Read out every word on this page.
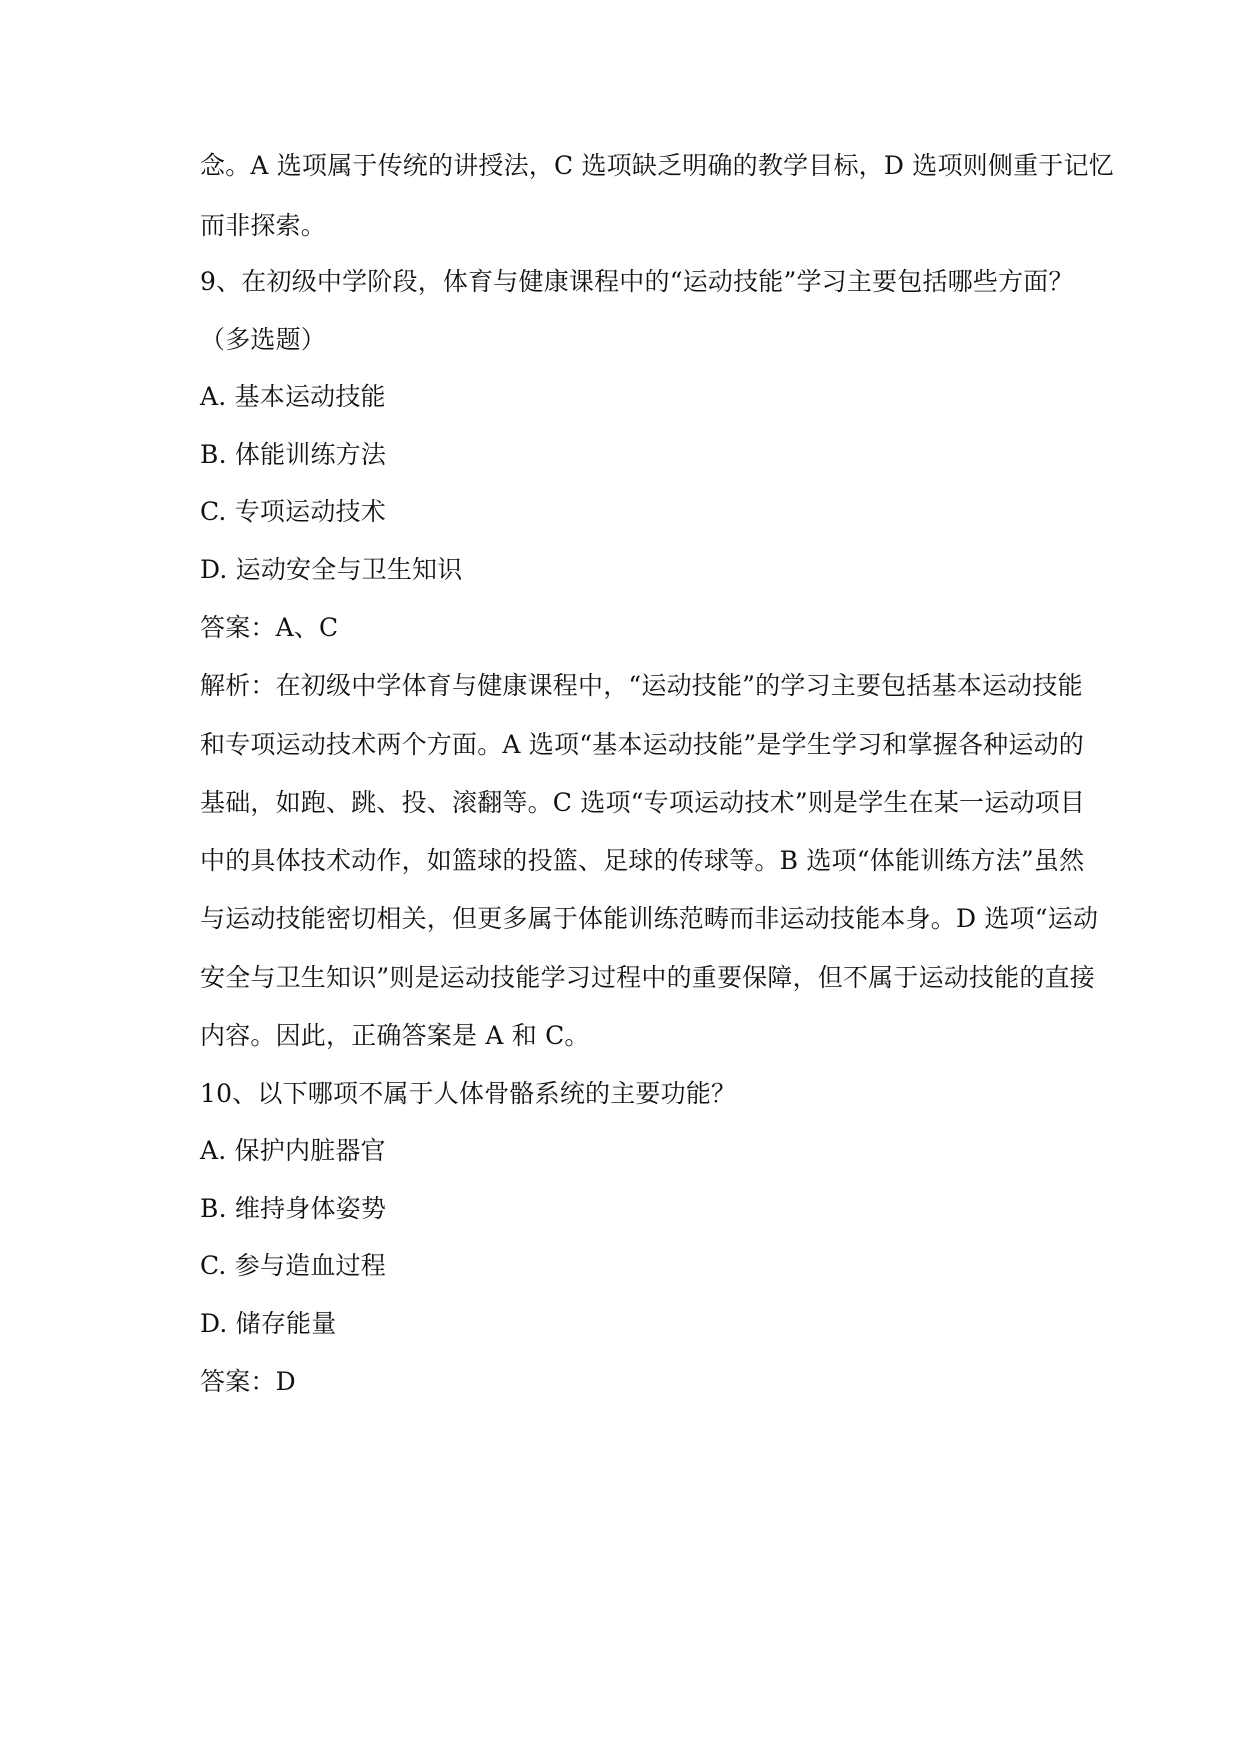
念。A 选项属于传统的讲授法，C 选项缺乏明确的教学目标，D 选项则侧重于记忆
而非探索。
9、在初级中学阶段，体育与健康课程中的“运动技能”学习主要包括哪些方面？
（多选题）
A. 基本运动技能
B. 体能训练方法
C. 专项运动技术
D. 运动安全与卫生知识
答案：A、C
解析：在初级中学体育与健康课程中，“运动技能”的学习主要包括基本运动技能
和专项运动技术两个方面。A 选项“基本运动技能”是学生学习和掌握各种运动的
基础，如跑、跳、投、滚翻等。C 选项“专项运动技术”则是学生在某一运动项目
中的具体技术动作，如篮球的投篮、足球的传球等。B 选项“体能训练方法”虽然
与运动技能密切相关，但更多属于体能训练范畴而非运动技能本身。D 选项“运动
安全与卫生知识”则是运动技能学习过程中的重要保障，但不属于运动技能的直接
内容。因此，正确答案是 A 和 C。
10、以下哪项不属于人体骨骼系统的主要功能？
A. 保护内脏器官
B. 维持身体姿势
C. 参与造血过程
D. 储存能量
答案：D
